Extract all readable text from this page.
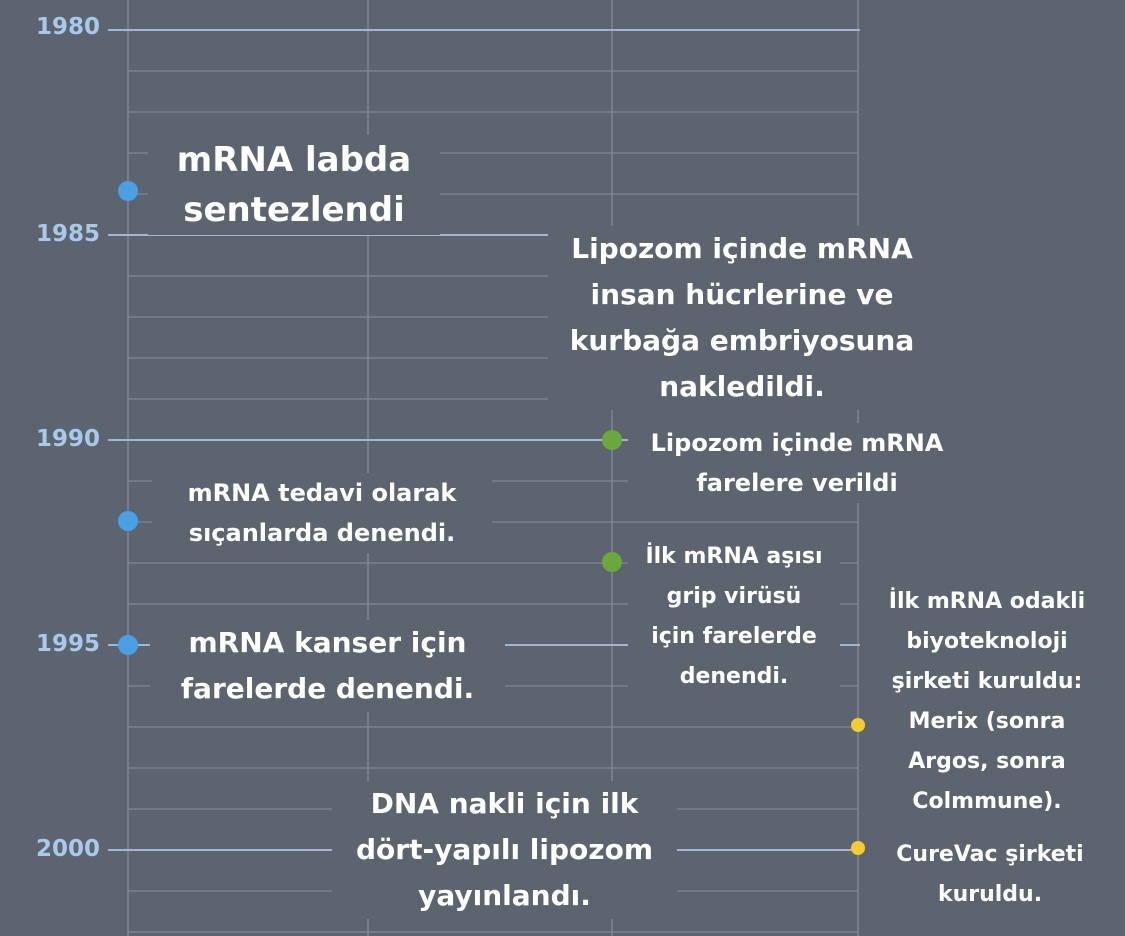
1980
1985
1990
1995
2000
mRNA labda
sentezlendi
Lipozom içinde mRNA
insan hücrlerine ve
kurbağa embriyosuna
nakledildi.
Lipozom içinde mRNA
farelere verildi
mRNA tedavi olarak
sıçanlarda denendi.
İlk mRNA aşısı
grip virüsü
için farelerde
denendi.
mRNA kanser için
farelerde denendi.
İlk mRNA odakli
biyoteknoloji
şirketi kuruldu:
Merix (sonra
Argos, sonra
Colmmune).
DNA nakli için ilk
dört-yapılı lipozom
yayınlandı.
CureVac şirketi
kuruldu.
